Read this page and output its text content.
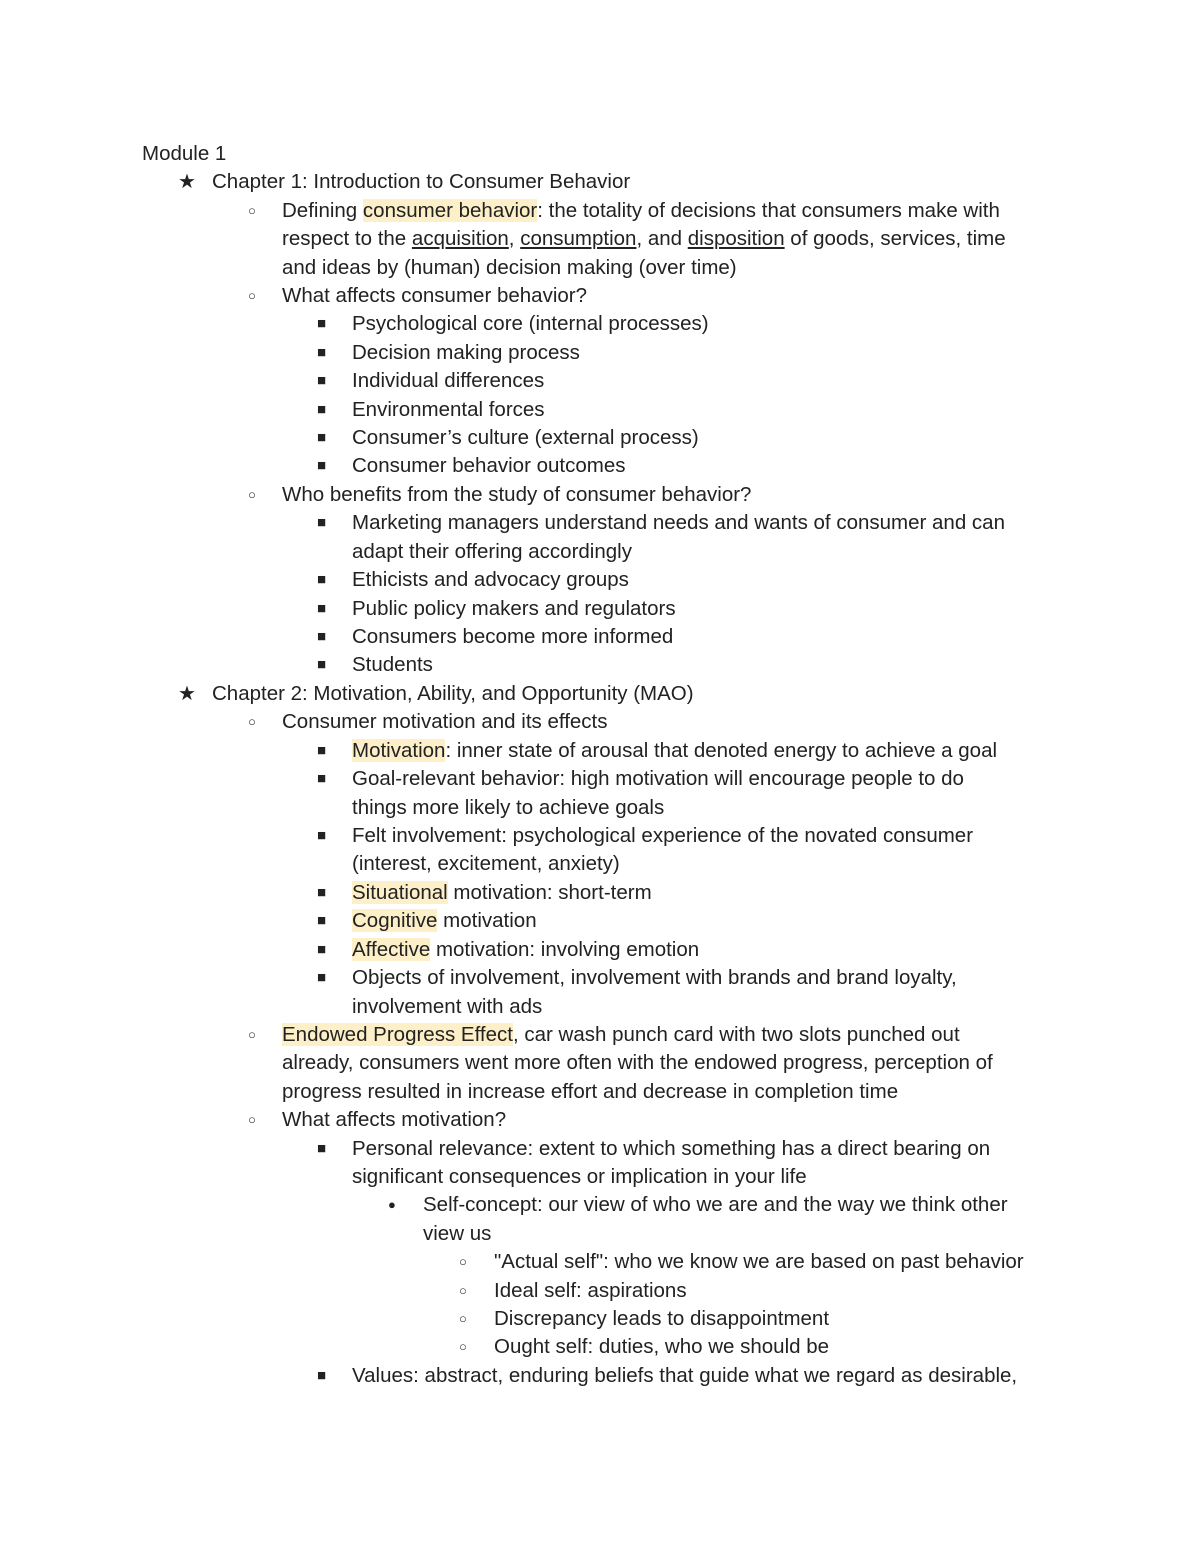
Module 1
★ Chapter 1: Introduction to Consumer Behavior
○ Defining consumer behavior: the totality of decisions that consumers make with
respect to the acquisition, consumption, and disposition of goods, services, time
and ideas by (human) decision making (over time)
○ What affects consumer behavior?
■ Psychological core (internal processes)
■ Decision making process
■ Individual differences
■ Environmental forces
■ Consumer’s culture (external process)
■ Consumer behavior outcomes
○ Who benefits from the study of consumer behavior?
■ Marketing managers understand needs and wants of consumer and can
adapt their offering accordingly
■ Ethicists and advocacy groups
■ Public policy makers and regulators
■ Consumers become more informed
■ Students
★ Chapter 2: Motivation, Ability, and Opportunity (MAO)
○ Consumer motivation and its effects
■ Motivation: inner state of arousal that denoted energy to achieve a goal
■ Goal-relevant behavior: high motivation will encourage people to do
things more likely to achieve goals
■ Felt involvement: psychological experience of the novated consumer
(interest, excitement, anxiety)
■ Situational motivation: short-term
■ Cognitive motivation
■ Affective motivation: involving emotion
■ Objects of involvement, involvement with brands and brand loyalty,
involvement with ads
○ Endowed Progress Effect, car wash punch card with two slots punched out
already, consumers went more often with the endowed progress, perception of
progress resulted in increase effort and decrease in completion time
○ What affects motivation?
■ Personal relevance: extent to which something has a direct bearing on
significant consequences or implication in your life
● Self-concept: our view of who we are and the way we think other
view us
○ "Actual self": who we know we are based on past behavior
○ Ideal self: aspirations
○ Discrepancy leads to disappointment
○ Ought self: duties, who we should be
■ Values: abstract, enduring beliefs that guide what we regard as desirable,
